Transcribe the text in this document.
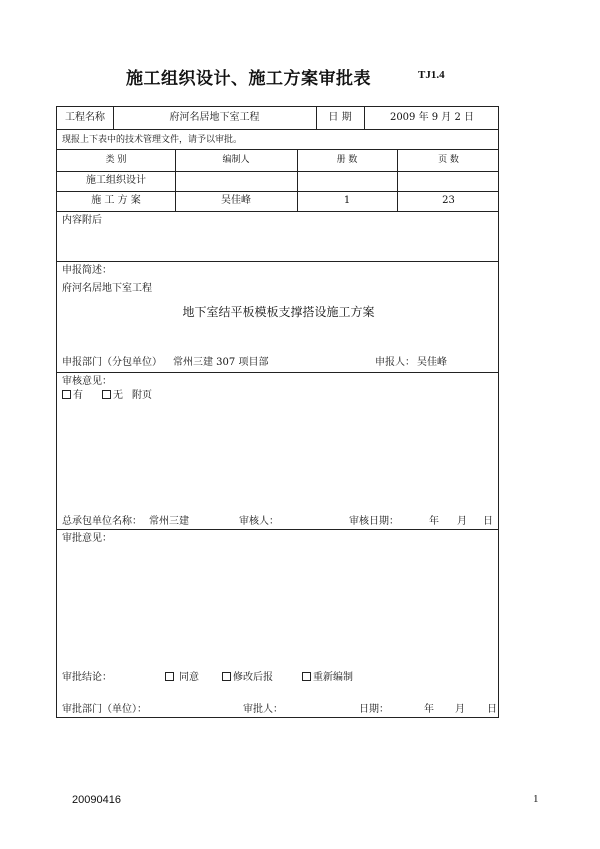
施工组织设计、施工方案审批表	TJ1.4
工程名称	府河名居地下室工程	日 期	2009 年 9 月 2 日
现报上下表中的技术管理文件，请予以审批。
类 别	编制人	册 数	页 数
施工组织设计
施 工 方 案	吴佳峰	1	23
内容附后
申报简述：
府河名居地下室工程
地下室结平板模板支撑搭设施工方案
申报部门（分包单位） 常州三建 307 项目部	申报人： 吴佳峰
审核意见：
有	无 附页
总承包单位名称： 常州三建	审核人：	审核日期：	年 月 日
审批意见：
审批结论：	同意	修改后报	重新编制
审批部门（单位）：	审批人：	日期：	年 月 日
20090416	1
